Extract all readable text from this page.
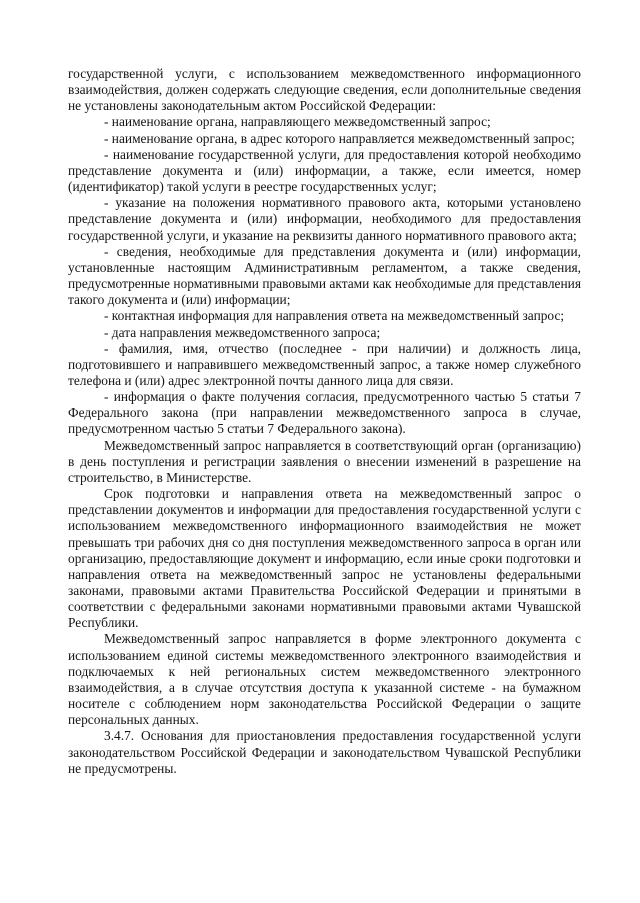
государственной услуги, с использованием межведомственного информационного взаимодействия, должен содержать следующие сведения, если дополнительные сведения не установлены законодательным актом Российской Федерации:

- наименование органа, направляющего межведомственный запрос;

- наименование органа, в адрес которого направляется межведомственный запрос;

- наименование государственной услуги, для предоставления которой необходимо представление документа и (или) информации, а также, если имеется, номер (идентификатор) такой услуги в реестре государственных услуг;

- указание на положения нормативного правового акта, которыми установлено представление документа и (или) информации, необходимого для предоставления государственной услуги, и указание на реквизиты данного нормативного правового акта;

- сведения, необходимые для представления документа и (или) информации, установленные настоящим Административным регламентом, а также сведения, предусмотренные нормативными правовыми актами как необходимые для представления такого документа и (или) информации;

- контактная информация для направления ответа на межведомственный запрос;

- дата направления межведомственного запроса;

- фамилия, имя, отчество (последнее - при наличии) и должность лица, подготовившего и направившего межведомственный запрос, а также номер служебного телефона и (или) адрес электронной почты данного лица для связи.

- информация о факте получения согласия, предусмотренного частью 5 статьи 7 Федерального закона (при направлении межведомственного запроса в случае, предусмотренном частью 5 статьи 7 Федерального закона).

Межведомственный запрос направляется в соответствующий орган (организацию) в день поступления и регистрации заявления о внесении изменений в разрешение на строительство, в Министерстве.

Срок подготовки и направления ответа на межведомственный запрос о представлении документов и информации для предоставления государственной услуги с использованием межведомственного информационного взаимодействия не может превышать три рабочих дня со дня поступления межведомственного запроса в орган или организацию, предоставляющие документ и информацию, если иные сроки подготовки и направления ответа на межведомственный запрос не установлены федеральными законами, правовыми актами Правительства Российской Федерации и принятыми в соответствии с федеральными законами нормативными правовыми актами Чувашской Республики.

Межведомственный запрос направляется в форме электронного документа с использованием единой системы межведомственного электронного взаимодействия и подключаемых к ней региональных систем межведомственного электронного взаимодействия, а в случае отсутствия доступа к указанной системе - на бумажном носителе с соблюдением норм законодательства Российской Федерации о защите персональных данных.

3.4.7. Основания для приостановления предоставления государственной услуги законодательством Российской Федерации и законодательством Чувашской Республики не предусмотрены.
